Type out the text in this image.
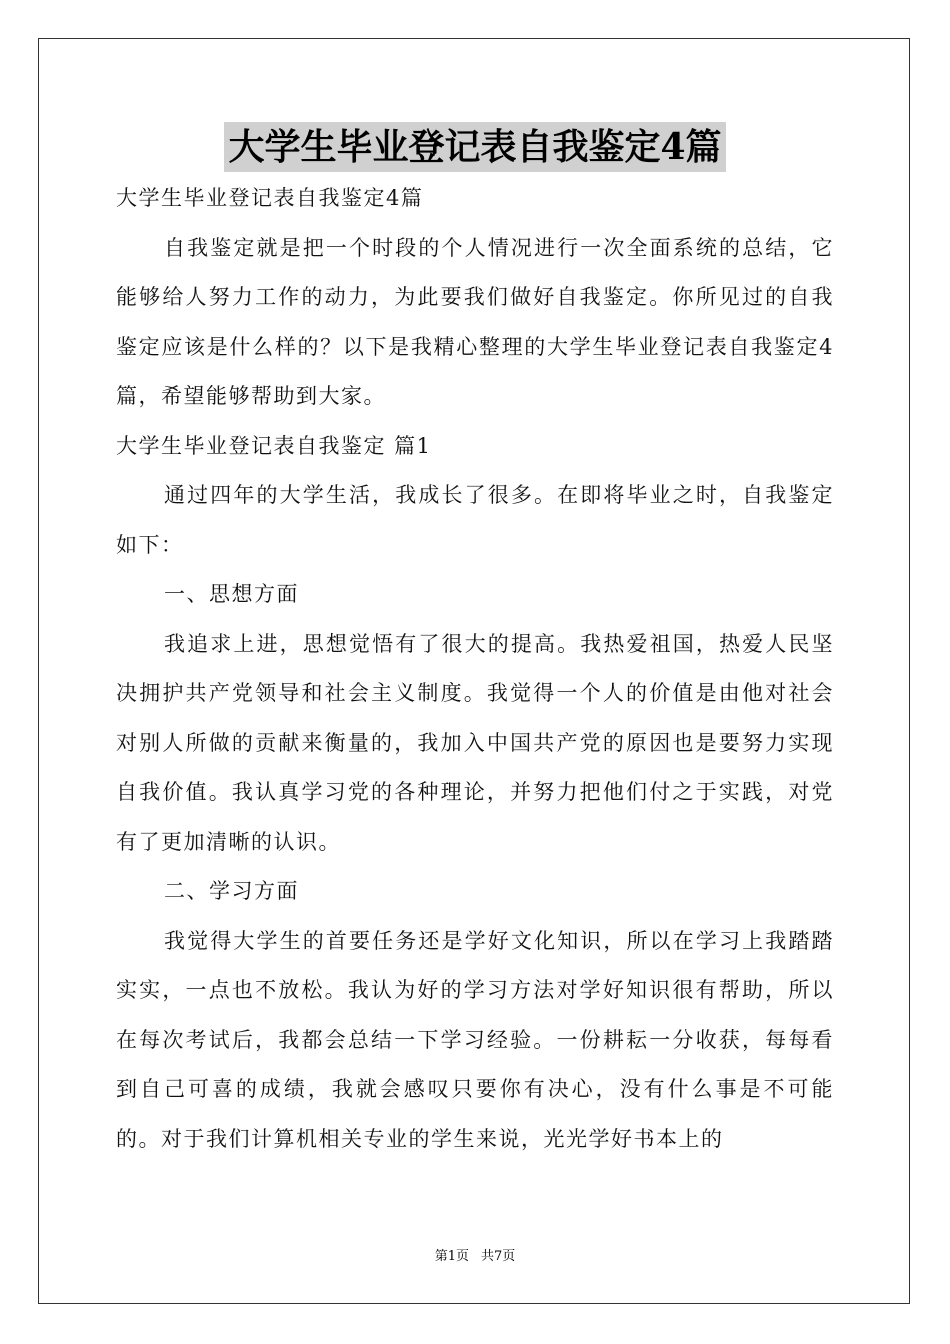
大学生毕业登记表自我鉴定4篇

大学生毕业登记表自我鉴定4篇

自我鉴定就是把一个时段的个人情况进行一次全面系统的总结，它能够给人努力工作的动力，为此要我们做好自我鉴定。你所见过的自我鉴定应该是什么样的？以下是我精心整理的大学生毕业登记表自我鉴定4篇，希望能够帮助到大家。

大学生毕业登记表自我鉴定 篇1

通过四年的大学生活，我成长了很多。在即将毕业之时，自我鉴定如下：

一、思想方面

我追求上进，思想觉悟有了很大的提高。我热爱祖国，热爱人民坚决拥护共产党领导和社会主义制度。我觉得一个人的价值是由他对社会对别人所做的贡献来衡量的，我加入中国共产党的原因也是要努力实现自我价值。我认真学习党的各种理论，并努力把他们付之于实践，对党有了更加清晰的认识。

二、学习方面

我觉得大学生的首要任务还是学好文化知识，所以在学习上我踏踏实实，一点也不放松。我认为好的学习方法对学好知识很有帮助，所以在每次考试后，我都会总结一下学习经验。一份耕耘一分收获，每每看到自己可喜的成绩，我就会感叹只要你有决心，没有什么事是不可能的。对于我们计算机相关专业的学生来说，光光学好书本上的

第1页 共7页
